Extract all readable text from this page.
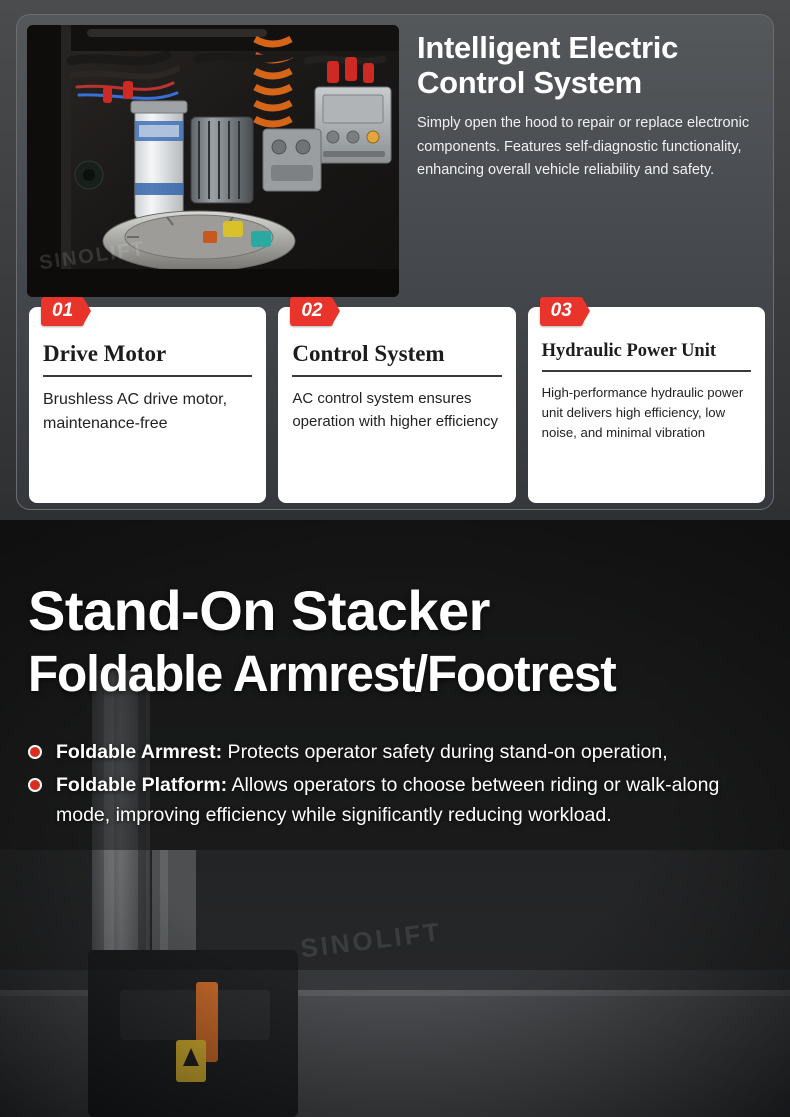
Intelligent Electric Control System
Simply open the hood to repair or replace electronic components. Features self-diagnostic functionality, enhancing overall vehicle reliability and safety.
01
Drive Motor
Brushless AC drive motor, maintenance-free
02
Control System
AC control system ensures operation with higher efficiency
03
Hydraulic Power Unit
High-performance hydraulic power unit delivers high efficiency, low noise, and minimal vibration
Stand-On Stacker
Foldable Armrest/Footrest
Foldable Armrest: Protects operator safety during stand-on operation,
Foldable Platform: Allows operators to choose between riding or walk-along mode, improving efficiency while significantly reducing workload.
